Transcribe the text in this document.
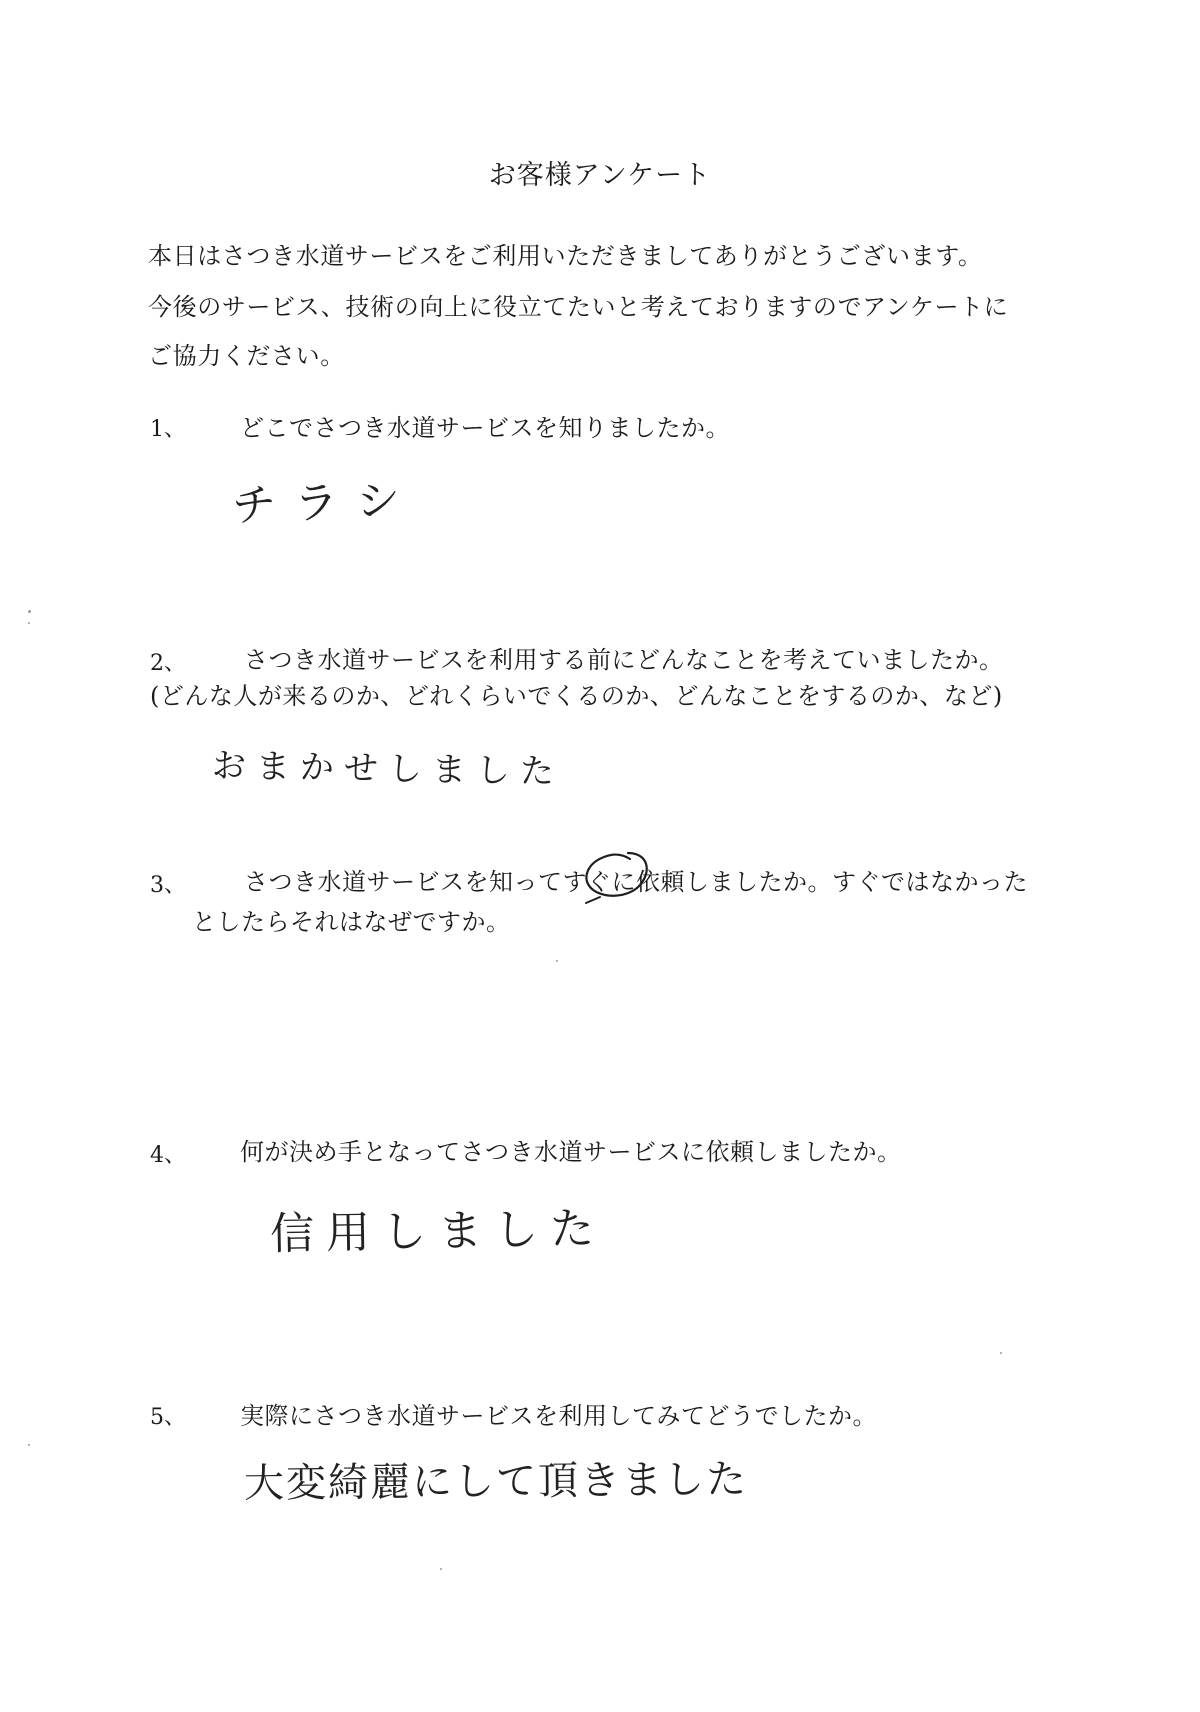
お客様アンケート
本日はさつき水道サービスをご利用いただきましてありがとうございます。
今後のサービス、技術の向上に役立てたいと考えておりますのでアンケートに
ご協力ください。
1、 どこでさつき水道サービスを知りましたか。
チラシ
2、 さつき水道サービスを利用する前にどんなことを考えていましたか。
(どんな人が来るのか、どれくらいでくるのか、どんなことをするのか、など)
おまかせしました
3、 さつき水道サービスを知ってすぐに依頼しましたか。すぐではなかった
としたらそれはなぜですか。
4、 何が決め手となってさつき水道サービスに依頼しましたか。
信用しました
5、 実際にさつき水道サービスを利用してみてどうでしたか。
大変綺麗にして頂きました
